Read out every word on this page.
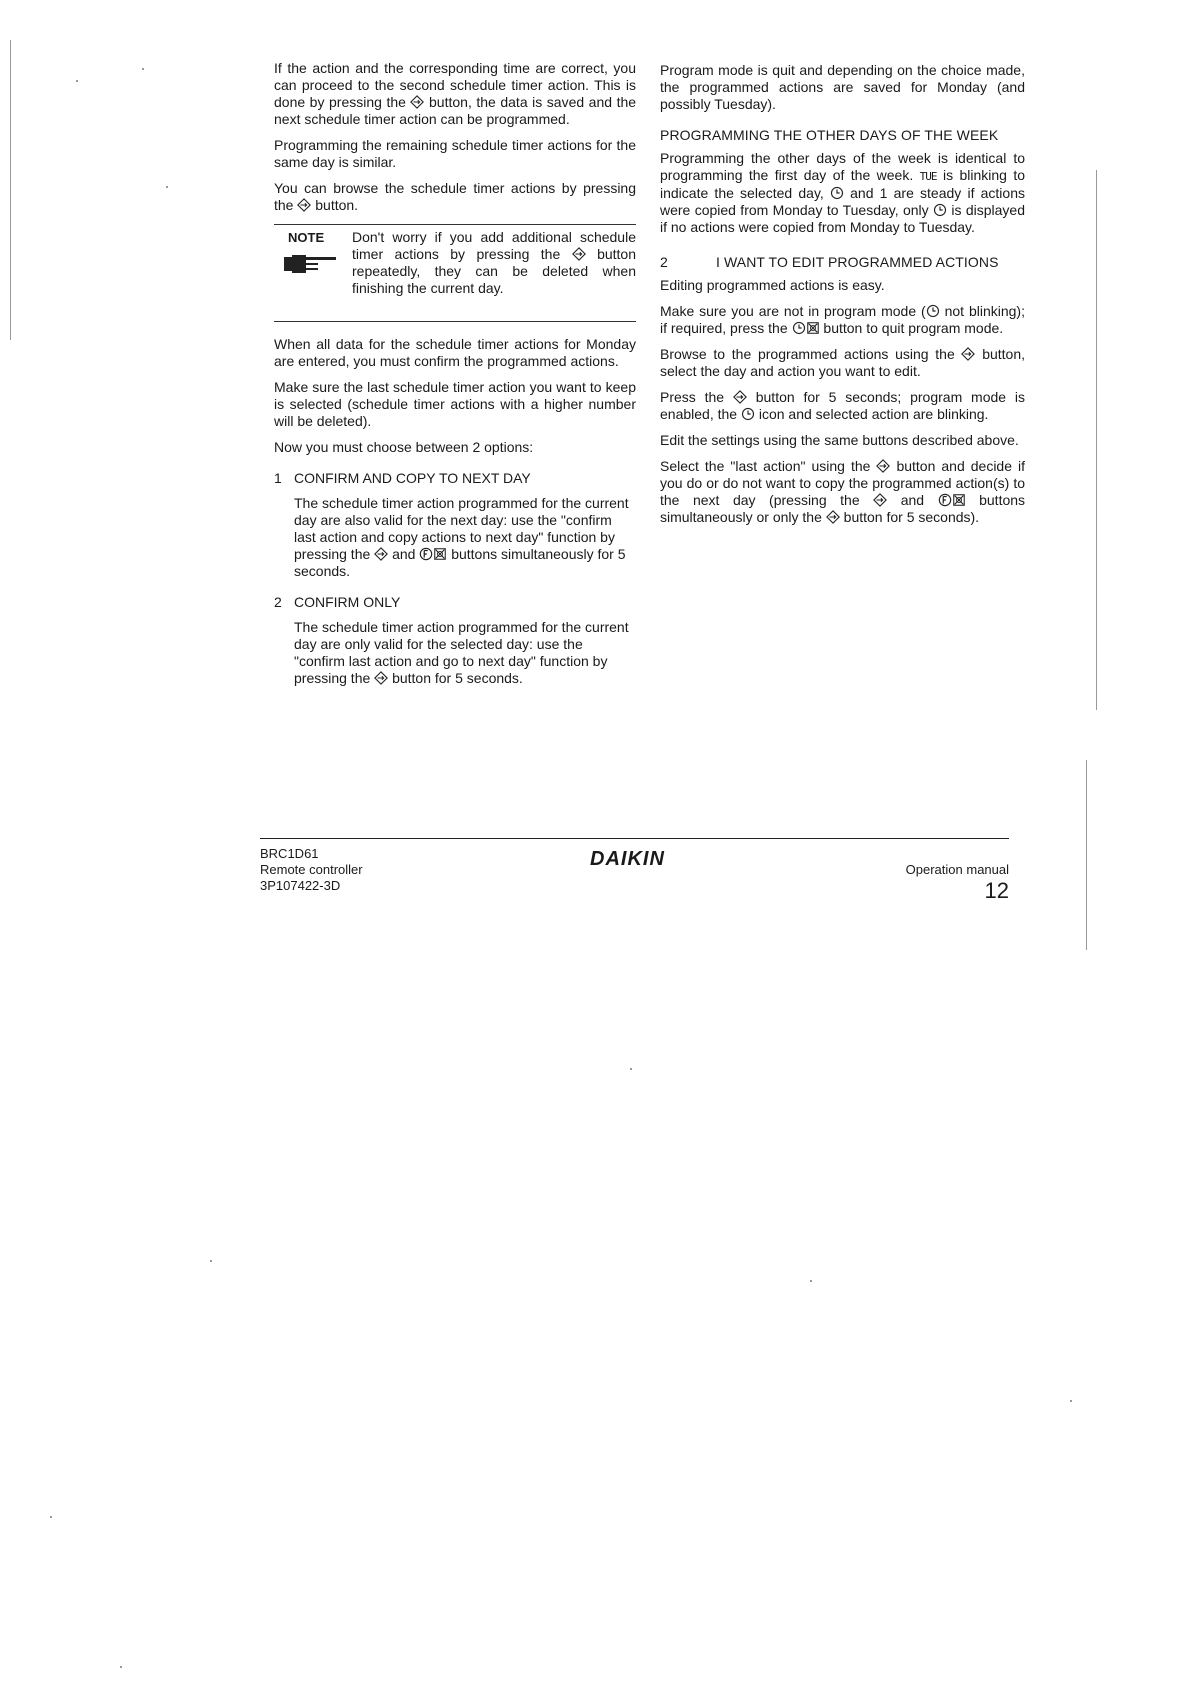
If the action and the corresponding time are correct, you can proceed to the second schedule timer action. This is done by pressing the button, the data is saved and the next schedule timer action can be programmed.

Programming the remaining schedule timer actions for the same day is similar.

You can browse the schedule timer actions by pressing the button.

NOTE Don't worry if you add additional schedule timer actions by pressing the	button repeatedly, they can be deleted when finishing the current day.

When all data for the schedule timer actions for Monday are entered, you must confirm the programmed actions.

Make sure the last schedule timer action you want to keep is selected (schedule timer actions with a higher number will be deleted).

Now you must choose between 2 options:

1 CONFIRM AND COPY TO NEXT DAY

The schedule timer action programmed for the current day are also valid for the next day: use the "confirm last action and copy actions to next day" function by pressing the and	buttons simultaneously for 5 seconds.

2 CONFIRM ONLY

The schedule timer action programmed for the current day are only valid for the selected day: use the "confirm last action and go to next day" function by pressing the button for 5 seconds.

Program mode is quit and depending on the choice made, the programmed actions are saved for Monday (and possibly Tuesday).

PROGRAMMING THE OTHER DAYS OF THE WEEK

Programming the other days of the week is identical to programming the first day of the week. TUE is blinking to indicate the selected day, and 1 are steady if actions were copied from Monday to Tuesday, only is displayed if no actions were copied from Monday to Tuesday.

2	I WANT TO EDIT PROGRAMMED ACTIONS

Editing programmed actions is easy.

Make sure you are not in program mode ( not blinking); if required, press the	button to quit program mode.

Browse to the programmed actions using the button, select the day and action you want to edit.

Press the button for 5 seconds; program mode is enabled, the icon and selected action are blinking.

Edit the settings using the same buttons described above.

Select the "last action" using the button and decide if you do or do not want to copy the programmed action(s) to the next day (pressing the	and	buttons simultaneously or only the button for 5 seconds).

BRC1D61
Remote controller
3P107422-3D
DAIKIN	Operation manual
12
